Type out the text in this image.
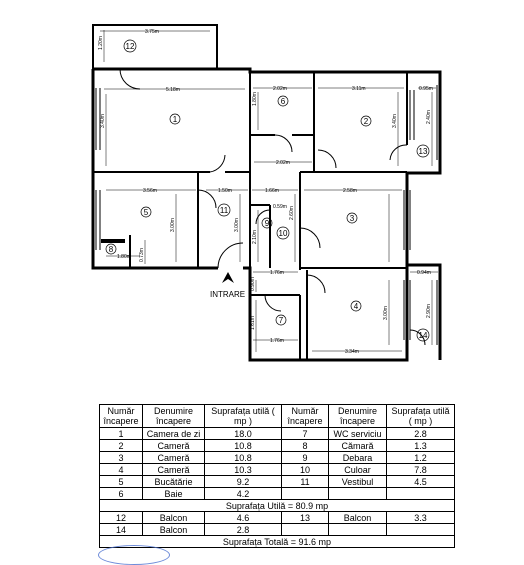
3.75m
1.20m
5.18m
3.40m
2.02m
1.80m
3.11m
3.40m
0.95m
2.40m
2.02m
3.56m	1.50m	1.66m	2.58m
3.00m
0.59m
3.00m
2.60m
2.10m
1.80m 0.73m
1.76m	0.94m
0.90m
1.61m
1.76m
3.00m
3.34m
2.90m
1	2
3
4
5
6
7
8
9
10
11
12
13
14
INTRARE
Număr încapere	Denumire încapere	Suprafața utilă ( mp )	Număr încapere	Denumire încapere	Suprafața utilă ( mp )
1	Camera de zi	18.0	7	WC serviciu	2.8
2	Cameră	10.8	8	Cămară	1.3
3	Cameră	10.8	9	Debara	1.2
4	Cameră	10.3	10	Culoar	7.8
5	Bucătărie	9.2	11	Vestibul	4.5
6	Baie	4.2			
Suprafața Utilă = 80.9 mp					
12	Balcon	4.6	13	Balcon	3.3
14	Balcon	2.8			
Suprafața Totală = 91.6 mp					
